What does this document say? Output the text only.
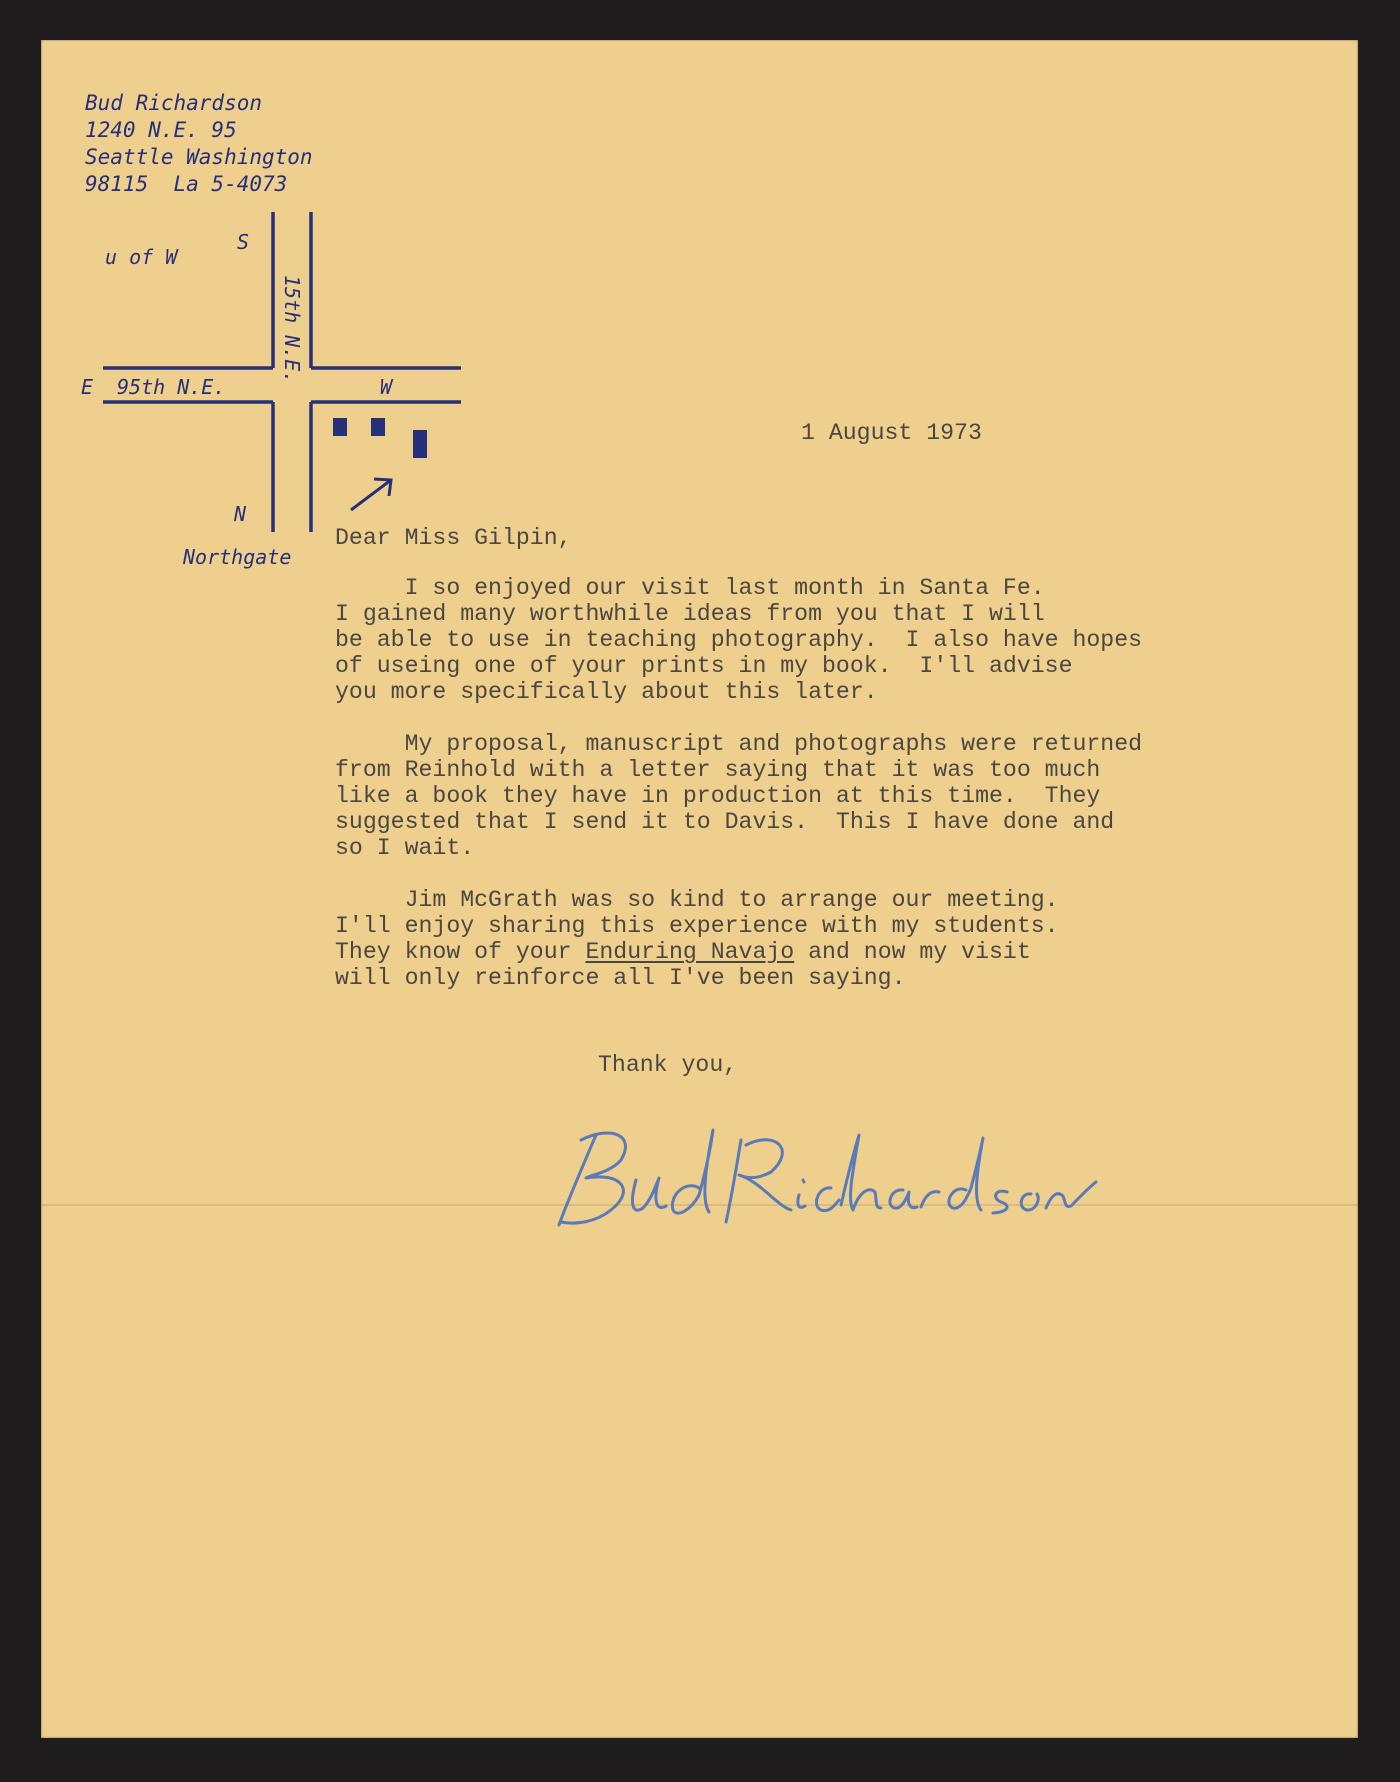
Bud Richardson
1240 N.E. 95
Seattle Washington
98115  La 5-4073
u of W
S
15th N.E.
E 95th N.E.	W
N
Northgate
1 August 1973
Dear Miss Gilpin,

I so enjoyed our visit last month in Santa Fe.
I gained many worthwhile ideas from you that I will
be able to use in teaching photography.  I also have hopes
of useing one of your prints in my book.  I'll advise
you more specifically about this later.

My proposal, manuscript and photographs were returned
from Reinhold with a letter saying that it was too much
like a book they have in production at this time.  They
suggested that I send it to Davis.  This I have done and
so I wait.

Jim McGrath was so kind to arrange our meeting.
I'll enjoy sharing this experience with my students.
They know of your Enduring Navajo and now my visit
will only reinforce all I've been saying.

Thank you,
